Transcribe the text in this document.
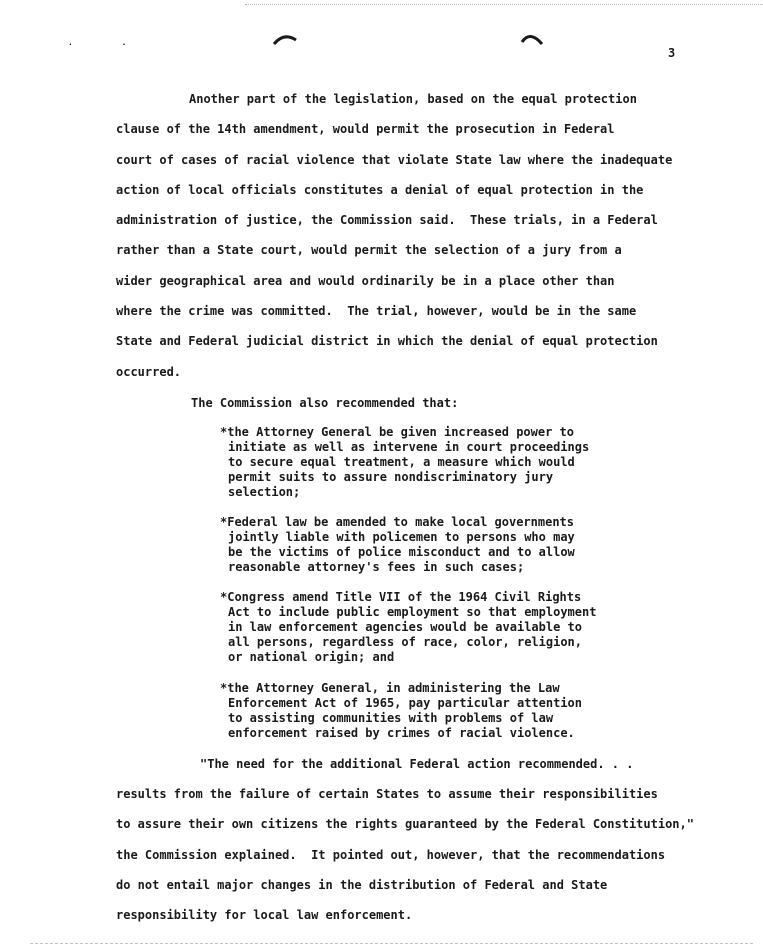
· ·
3
Another part of the legislation, based on the equal protection
clause of the 14th amendment, would permit the prosecution in Federal
court of cases of racial violence that violate State law where the inadequate
action of local officials constitutes a denial of equal protection in the
administration of justice, the Commission said.  These trials, in a Federal
rather than a State court, would permit the selection of a jury from a
wider geographical area and would ordinarily be in a place other than
where the crime was committed.  The trial, however, would be in the same
State and Federal judicial district in which the denial of equal protection
occurred.
The Commission also recommended that:
*the Attorney General be given increased power to
initiate as well as intervene in court proceedings
to secure equal treatment, a measure which would
permit suits to assure nondiscriminatory jury
selection;
*Federal law be amended to make local governments
jointly liable with policemen to persons who may
be the victims of police misconduct and to allow
reasonable attorney's fees in such cases;
*Congress amend Title VII of the 1964 Civil Rights
Act to include public employment so that employment
in law enforcement agencies would be available to
all persons, regardless of race, color, religion,
or national origin; and
*the Attorney General, in administering the Law
Enforcement Act of 1965, pay particular attention
to assisting communities with problems of law
enforcement raised by crimes of racial violence.
"The need for the additional Federal action recommended. . .
results from the failure of certain States to assume their responsibilities
to assure their own citizens the rights guaranteed by the Federal Constitution,"
the Commission explained.  It pointed out, however, that the recommendations
do not entail major changes in the distribution of Federal and State
responsibility for local law enforcement.
